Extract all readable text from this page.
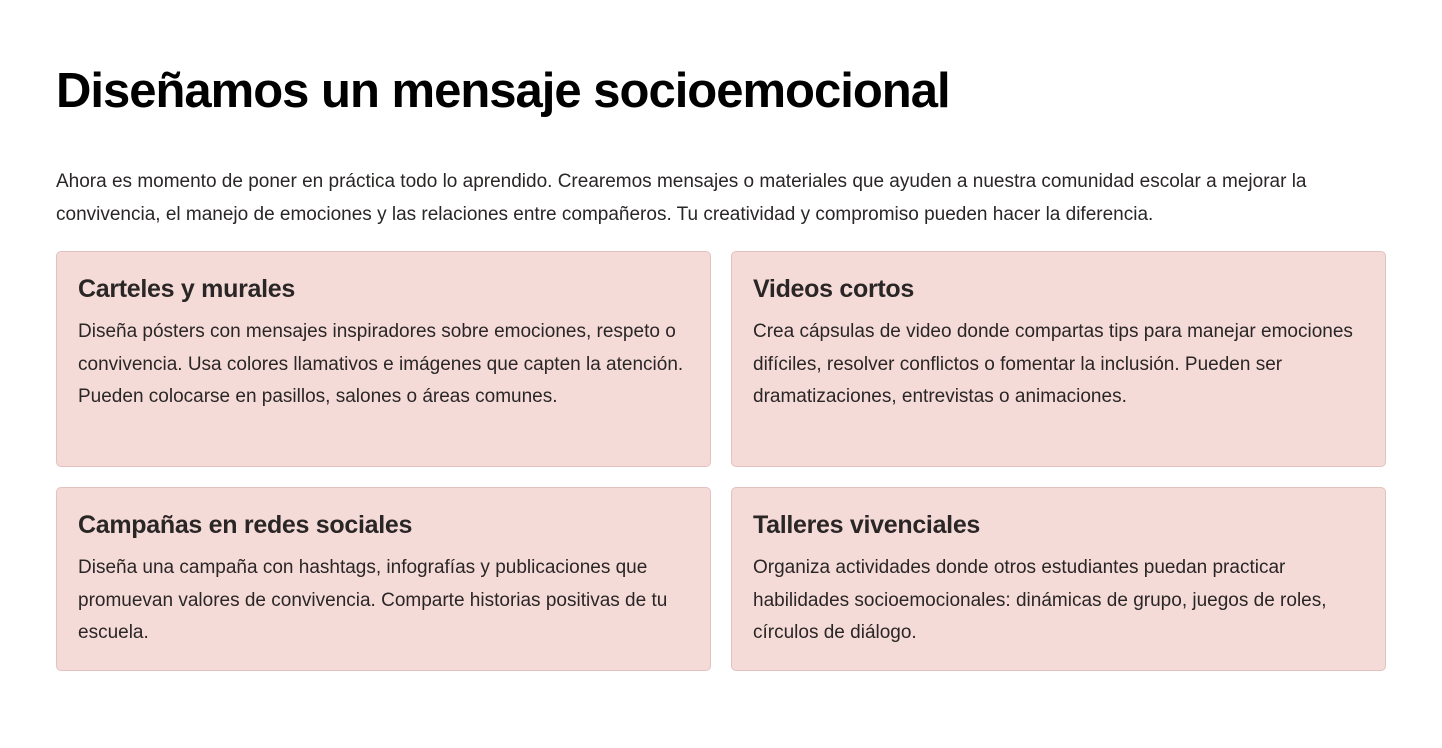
Diseñamos un mensaje socioemocional

Ahora es momento de poner en práctica todo lo aprendido. Crearemos mensajes o materiales que ayuden a nuestra comunidad escolar a mejorar la convivencia, el manejo de emociones y las relaciones entre compañeros. Tu creatividad y compromiso pueden hacer la diferencia.

Carteles y murales

Diseña pósters con mensajes inspiradores sobre emociones, respeto o convivencia. Usa colores llamativos e imágenes que capten la atención. Pueden colocarse en pasillos, salones o áreas comunes.

Videos cortos

Crea cápsulas de video donde compartas tips para manejar emociones difíciles, resolver conflictos o fomentar la inclusión. Pueden ser dramatizaciones, entrevistas o animaciones.

Campañas en redes sociales

Diseña una campaña con hashtags, infografías y publicaciones que promuevan valores de convivencia. Comparte historias positivas de tu escuela.

Talleres vivenciales

Organiza actividades donde otros estudiantes puedan practicar habilidades socioemocionales: dinámicas de grupo, juegos de roles, círculos de diálogo.
